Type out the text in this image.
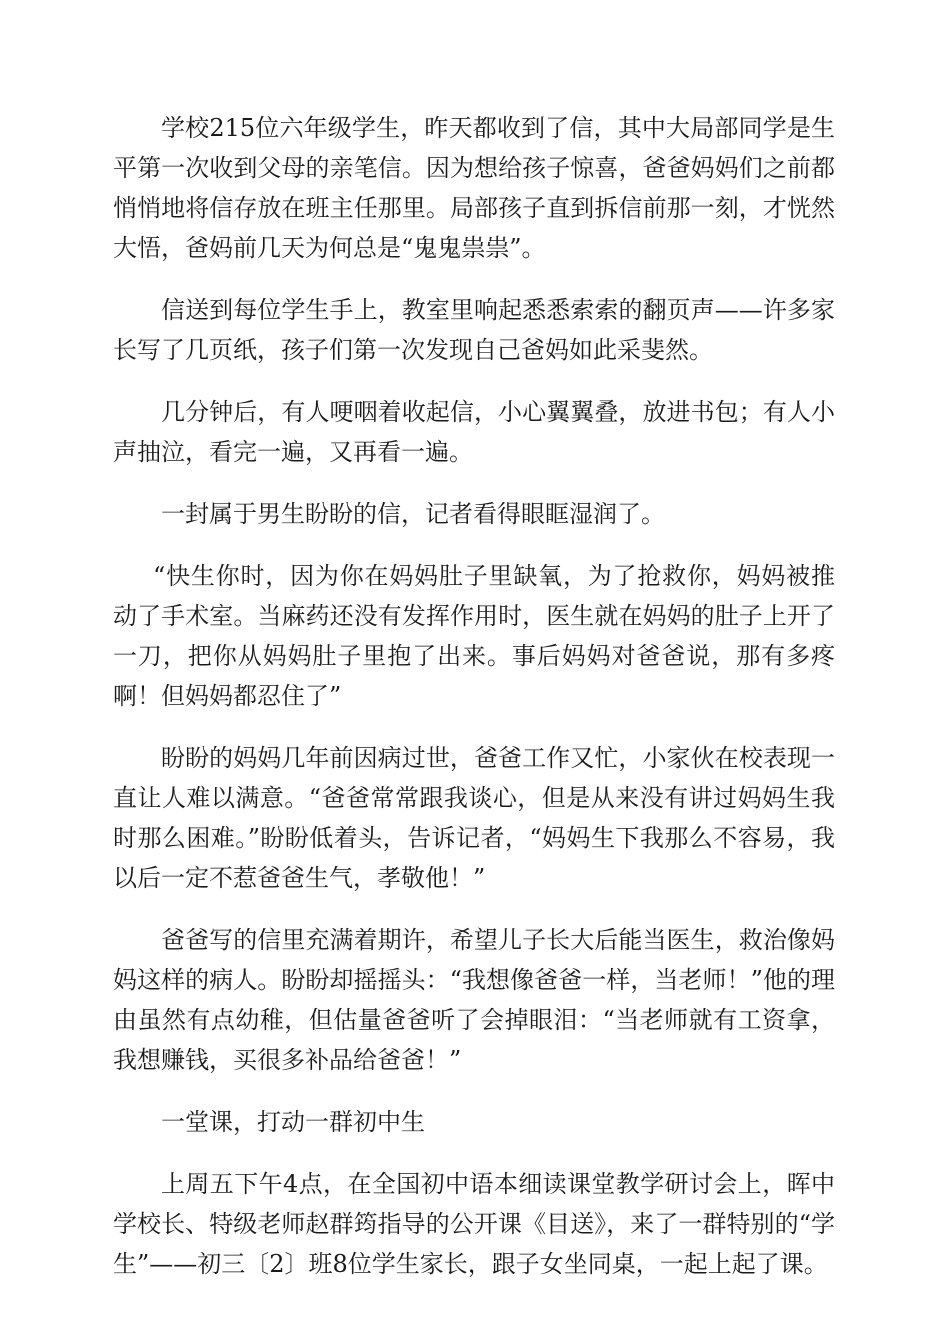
学校215位六年级学生，昨天都收到了信，其中大局部同学是生平第一次收到父母的亲笔信。因为想给孩子惊喜，爸爸妈妈们之前都悄悄地将信存放在班主任那里。局部孩子直到拆信前那一刻，才恍然大悟，爸妈前几天为何总是“鬼鬼祟祟”。

信送到每位学生手上，教室里响起悉悉索索的翻页声——许多家长写了几页纸，孩子们第一次发现自己爸妈如此采斐然。

几分钟后，有人哽咽着收起信，小心翼翼叠，放进书包；有人小声抽泣，看完一遍，又再看一遍。

一封属于男生盼盼的信，记者看得眼眶湿润了。

“快生你时，因为你在妈妈肚子里缺氧，为了抢救你，妈妈被推动了手术室。当麻药还没有发挥作用时，医生就在妈妈的肚子上开了一刀，把你从妈妈肚子里抱了出来。事后妈妈对爸爸说，那有多疼啊！但妈妈都忍住了”

盼盼的妈妈几年前因病过世，爸爸工作又忙，小家伙在校表现一直让人难以满意。“爸爸常常跟我谈心，但是从来没有讲过妈妈生我时那么困难。”盼盼低着头，告诉记者，“妈妈生下我那么不容易，我以后一定不惹爸爸生气，孝敬他！”

爸爸写的信里充满着期许，希望儿子长大后能当医生，救治像妈妈这样的病人。盼盼却摇摇头：“我想像爸爸一样，当老师！”他的理由虽然有点幼稚，但估量爸爸听了会掉眼泪：“当老师就有工资拿，我想赚钱，买很多补品给爸爸！”

一堂课，打动一群初中生

上周五下午4点，在全国初中语本细读课堂教学研讨会上，晖中学校长、特级老师赵群筠指导的公开课《目送》，来了一群特别的“学生”——初三〔2〕班8位学生家长，跟子女坐同桌，一起上起了课。
